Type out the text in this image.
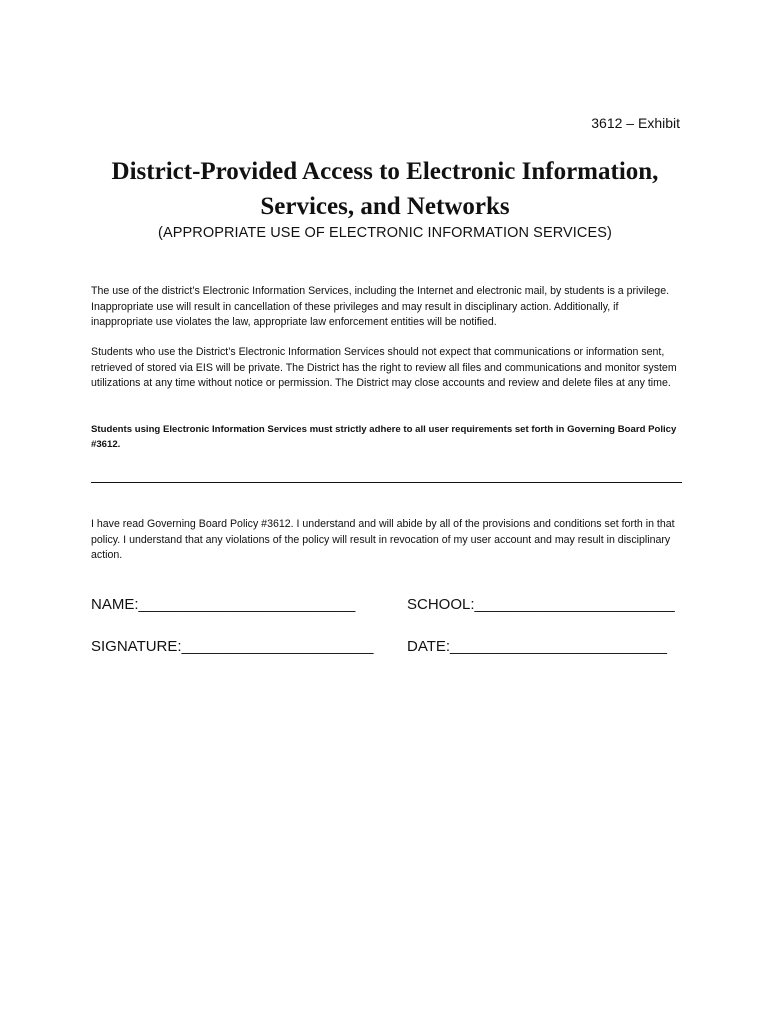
3612 – Exhibit
District-Provided Access to Electronic Information,
Services, and Networks
(APPROPRIATE USE OF ELECTRONIC INFORMATION SERVICES)

The use of the district’s Electronic Information Services, including the Internet and electronic mail, by students is a privilege. Inappropriate use will result in cancellation of these privileges and may result in disciplinary action. Additionally, if inappropriate use violates the law, appropriate law enforcement entities will be notified.

Students who use the District’s Electronic Information Services should not expect that communications or information sent, retrieved of stored via EIS will be private. The District has the right to review all files and communications and monitor system utilizations at any time without notice or permission. The District may close accounts and review and delete files at any time.

Students using Electronic Information Services must strictly adhere to all user requirements set forth in Governing Board Policy #3612.

I have read Governing Board Policy #3612. I understand and will abide by all of the provisions and conditions set forth in that policy. I understand that any violations of the policy will result in revocation of my user account and may result in disciplinary action.

NAME:__________________________	SCHOOL:________________________
SIGNATURE:_______________________ DATE:__________________________
